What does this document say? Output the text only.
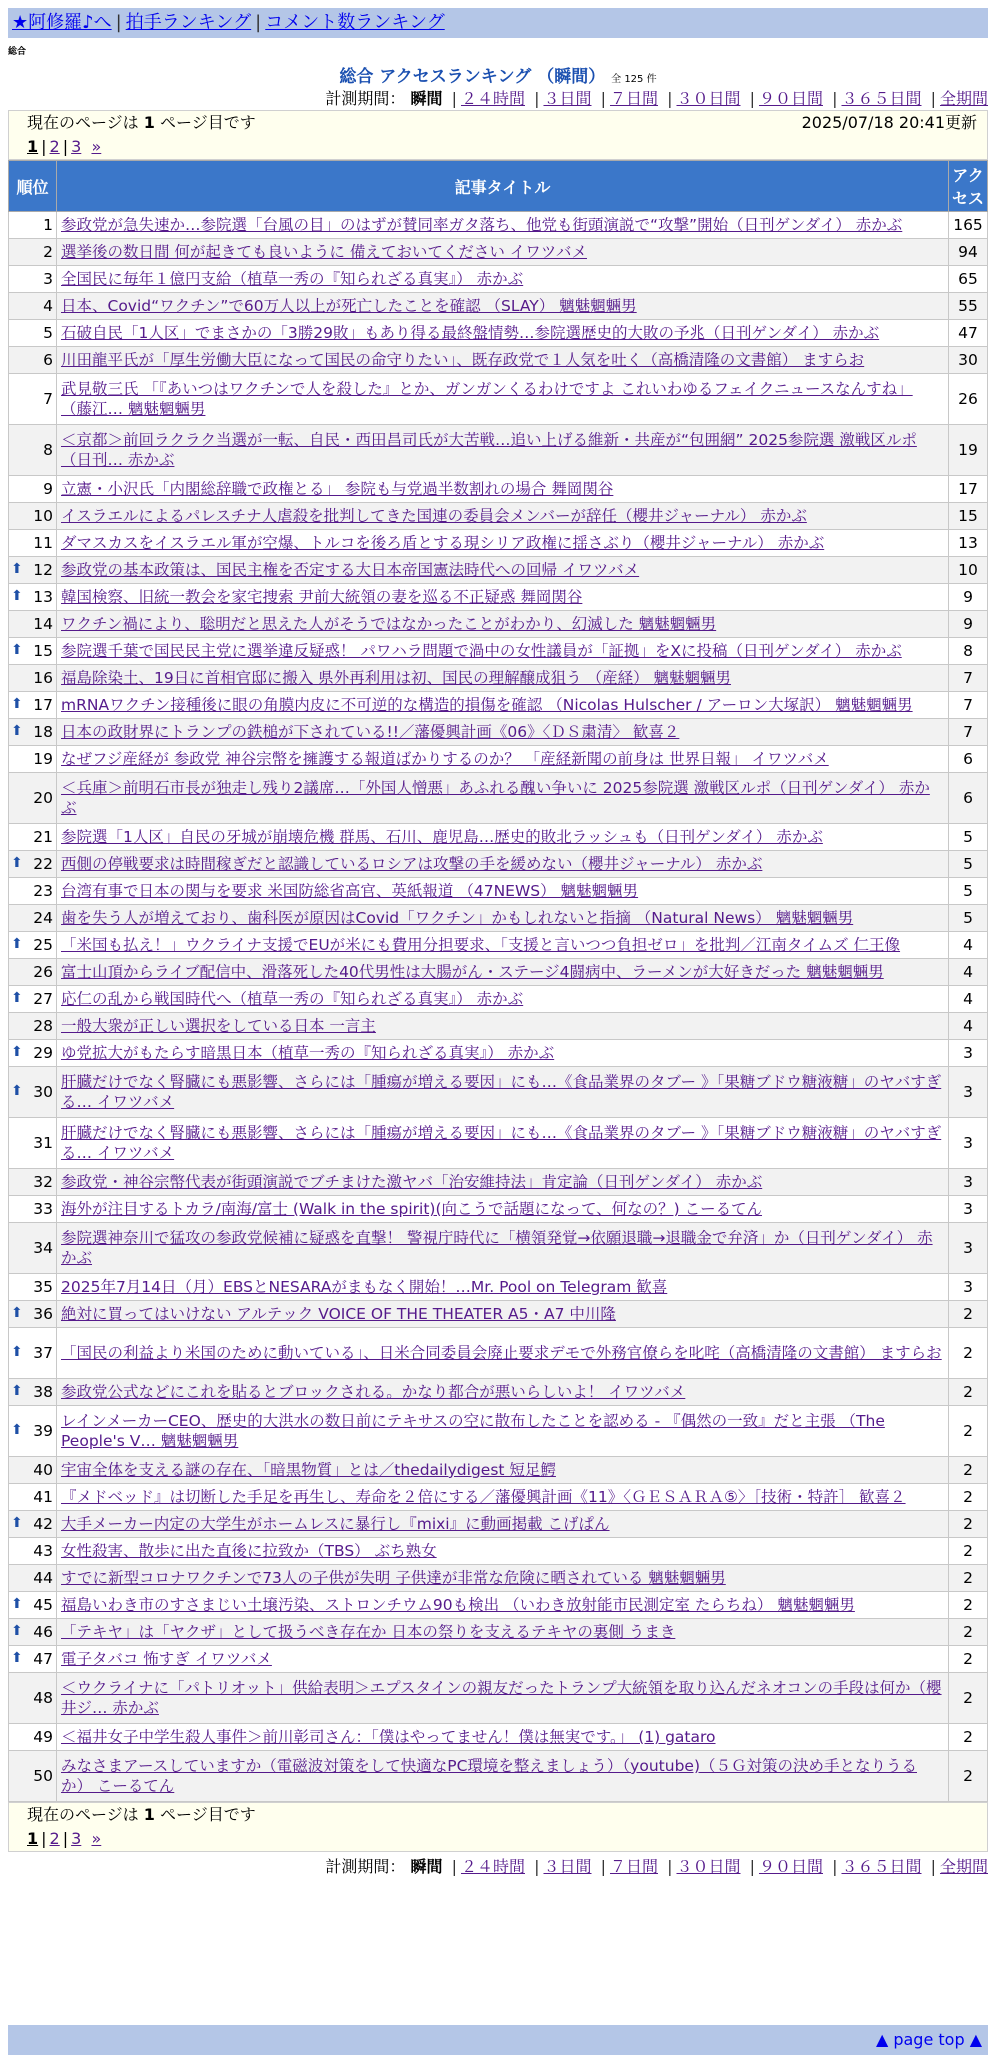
★阿修羅♪へ | 拍手ランキング | コメント数ランキング
総合
総合 アクセスランキング （瞬間） 全 125 件
計測期間： 瞬間 | ２４時間 | ３日間 | ７日間 | ３０日間 | ９０日間 | ３６５日間 | 全期間
現在のページは 1 ページ目です	2025/07/18 20:41更新
1 | 2 | 3 »
順位	記事タイトル	アクセス
1	参政党が急失速か…参院選「台風の目」のはずが賛同率ガタ落ち、他党も街頭演説で“攻撃”開始（日刊ゲンダイ） 赤かぶ	165
2	選挙後の数日間 何が起きても良いように 備えておいてください イワツバメ	94
3	全国民に毎年１億円支給（植草一秀の『知られざる真実』） 赤かぶ	65
4	日本、Covid“ワクチン”で60万人以上が死亡したことを確認 （SLAY） 魑魅魍魎男	55
5	石破自民「1人区」でまさかの「3勝29敗」もあり得る最終盤情勢…参院選歴史的大敗の予兆（日刊ゲンダイ） 赤かぶ	47
6	川田龍平氏が「厚生労働大臣になって国民の命守りたい」、既存政党で１人気を吐く（高橋清隆の文書館） ますらお	30
7	武見敬三氏 「『あいつはワクチンで人を殺した』とか、ガンガンくるわけですよ これいわゆるフェイクニュースなんすね」 （藤江… 魑魅魍魎男	26
8	＜京都＞前回ラクラク当選が一転、自民・西田昌司氏が大苦戦…追い上げる維新・共産が“包囲網” 2025参院選 激戦区ルポ（日刊… 赤かぶ	19
9	立憲・小沢氏「内閣総辞職で政権とる」 参院も与党過半数割れの場合 舞岡関谷	17
10	イスラエルによるパレスチナ人虐殺を批判してきた国連の委員会メンバーが辞任（櫻井ジャーナル） 赤かぶ	15
11	ダマスカスをイスラエル軍が空爆、トルコを後ろ盾とする現シリア政権に揺さぶり（櫻井ジャーナル） 赤かぶ	13

⬆ 12	参政党の基本政策は、国民主権を否定する大日本帝国憲法時代への回帰 イワツバメ	10

⬆ 13	韓国検察、旧統一教会を家宅捜索 尹前大統領の妻を巡る不正疑惑 舞岡関谷	9
14	ワクチン禍により、聡明だと思えた人がそうではなかったことがわかり、幻滅した 魑魅魍魎男	9

⬆ 15	参院選千葉で国民民主党に選挙違反疑惑！ パワハラ問題で渦中の女性議員が「証拠」をXに投稿（日刊ゲンダイ） 赤かぶ	8
16	福島除染土、19日に首相官邸に搬入 県外再利用は初、国民の理解醸成狙う （産経） 魑魅魍魎男	7

⬆ 17	mRNAワクチン接種後に眼の角膜内皮に不可逆的な構造的損傷を確認 （Nicolas Hulscher / アーロン大塚訳） 魑魅魍魎男	7

⬆ 18	日本の政財界にトランプの鉄槌が下されている!!／藩優興計画《06》〈ＤＳ粛清〉 歓喜２	7
19	なぜフジ産経が 参政党 神谷宗幣を擁護する報道ばかりするのか？ 「産経新聞の前身は 世界日報」 イワツバメ	6
20	＜兵庫＞前明石市長が独走し残り2議席…「外国人憎悪」あふれる醜い争いに 2025参院選 激戦区ルポ（日刊ゲンダイ） 赤かぶ	6
21	参院選「1人区」自民の牙城が崩壊危機 群馬、石川、鹿児島…歴史的敗北ラッシュも（日刊ゲンダイ） 赤かぶ	5

⬆ 22	西側の停戦要求は時間稼ぎだと認識しているロシアは攻撃の手を緩めない（櫻井ジャーナル） 赤かぶ	5
23	台湾有事で日本の関与を要求 米国防総省高官、英紙報道 （47NEWS） 魑魅魍魎男	5
24	歯を失う人が増えており、歯科医が原因はCovid「ワクチン」かもしれないと指摘 （Natural News） 魑魅魍魎男	5

⬆ 25	「米国も払え！」ウクライナ支援でEUが米にも費用分担要求、「支援と言いつつ負担ゼロ」を批判／江南タイムズ 仁王像	4
26	富士山頂からライブ配信中、滑落死した40代男性は大腸がん・ステージ4闘病中、ラーメンが大好きだった 魑魅魍魎男	4

⬆ 27	応仁の乱から戦国時代へ（植草一秀の『知られざる真実』） 赤かぶ	4
28	一般大衆が正しい選択をしている日本 一言主	4

⬆ 29	ゆ党拡大がもたらす暗黒日本（植草一秀の『知られざる真実』） 赤かぶ	3

⬆ 30	肝臓だけでなく腎臓にも悪影響、さらには「腫瘍が増える要因」にも…《食品業界のタブー 》「果糖ブドウ糖液糖」のヤバすぎる… イワツバメ	3
31	肝臓だけでなく腎臓にも悪影響、さらには「腫瘍が増える要因」にも…《食品業界のタブー 》「果糖ブドウ糖液糖」のヤバすぎる… イワツバメ	3
32	参政党・神谷宗幣代表が街頭演説でブチまけた激ヤバ「治安維持法」肯定論（日刊ゲンダイ） 赤かぶ	3
33	海外が注目するトカラ/南海/富士 (Walk in the spirit)(向こうで話題になって、何なの？) こーるてん	3
34	参院選神奈川で猛攻の参政党候補に疑惑を直撃！ 警視庁時代に「横領発覚→依願退職→退職金で弁済」か（日刊ゲンダイ） 赤かぶ	3
35	2025年7月14日（月）EBSとNESARAがまもなく開始！…Mr. Pool on Telegram 歓喜	3

⬆ 36	絶対に買ってはいけない アルテック VOICE OF THE THEATER A5・A7 中川隆	2

⬆ 37	「国民の利益より米国のために動いている」、日米合同委員会廃止要求デモで外務官僚らを叱咤（高橋清隆の文書館） ますらお	2

⬆ 38	参政党公式などにこれを貼るとブロックされる。かなり都合が悪いらしいよ！ イワツバメ	2

⬆ 39	レインメーカーCEO、歴史的大洪水の数日前にテキサスの空に散布したことを認める - 『偶然の一致』だと主張 （The People's V… 魑魅魍魎男	2
40	宇宙全体を支える謎の存在、「暗黒物質」とは／thedailydigest 短足鰐	2
41	『メドベッド』は切断した手足を再生し、寿命を２倍にする／藩優興計画《11》〈ＧＥＳＡＲＡ⑤〉［技術・特許］ 歓喜２	2

⬆ 42	大手メーカー内定の大学生がホームレスに暴行し『mixi』に動画掲載 こげぱん	2
43	女性殺害、散歩に出た直後に拉致か（TBS） ぶち熟女	2
44	すでに新型コロナワクチンで73人の子供が失明 子供達が非常な危険に晒されている 魑魅魍魎男	2

⬆ 45	福島いわき市のすさまじい土壌汚染、ストロンチウム90も検出 （いわき放射能市民測定室 たらちね） 魑魅魍魎男	2

⬆ 46	「テキヤ」は「ヤクザ」として扱うべき存在か 日本の祭りを支えるテキヤの裏側 うまき	2

⬆ 47	電子タバコ 怖すぎ イワツバメ	2
48	＜ウクライナに「パトリオット」供給表明＞エプスタインの親友だったトランプ大統領を取り込んだネオコンの手段は何か（櫻井ジ… 赤かぶ	2
49	＜福井女子中学生殺人事件＞前川彰司さん：「僕はやってません！僕は無実です。」 (1) gataro	2
50	みなさまアースしていますか（電磁波対策をして快適なPC環境を整えましょう）（youtube)（５Ｇ対策の決め手となりうるか） こーるてん	2
現在のページは 1 ページ目です
1 | 2 | 3 »
計測期間： 瞬間 | ２４時間 | ３日間 | ７日間 | ３０日間 | ９０日間 | ３６５日間 | 全期間
▲ page top ▲
